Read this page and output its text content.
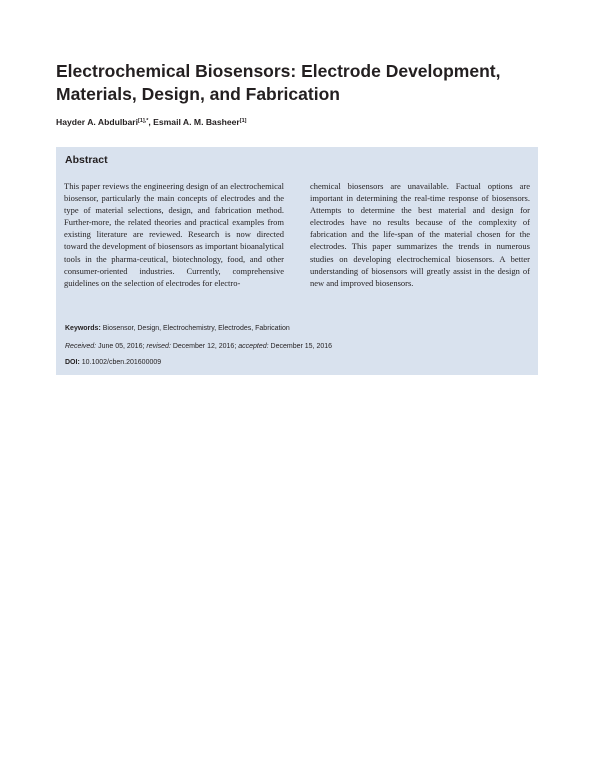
Electrochemical Biosensors: Electrode Development,
Materials, Design, and Fabrication
Hayder A. Abdulbari$^{[1],*}$, Esmail A. M. Basheer[1]
Abstract
This paper reviews the engineering design of an electrochemical biosensor, particularly the main concepts of electrodes and the type of material selections, design, and fabrication method. Further-more, the related theories and practical examples from existing literature are reviewed. Research is now directed toward the development of biosensors as important bioanalytical tools in the pharma-ceutical, biotechnology, food, and other consumer-oriented industries. Currently, comprehensive guidelines on the selection of electrodes for electro-
chemical biosensors are unavailable. Factual options are important in determining the real-time response of biosensors. Attempts to determine the best material and design for electrodes have no results because of the complexity of fabrication and the life-span of the material chosen for the electrodes. This paper summarizes the trends in numerous studies on developing electrochemical biosensors. A better understanding of biosensors will greatly assist in the design of new and improved biosensors.
Keywords: Biosensor, Design, Electrochemistry, Electrodes, Fabrication
Received: June 05, 2016; revised: December 12, 2016; accepted: December 15, 2016
DOI: 10.1002/cben.201600009
